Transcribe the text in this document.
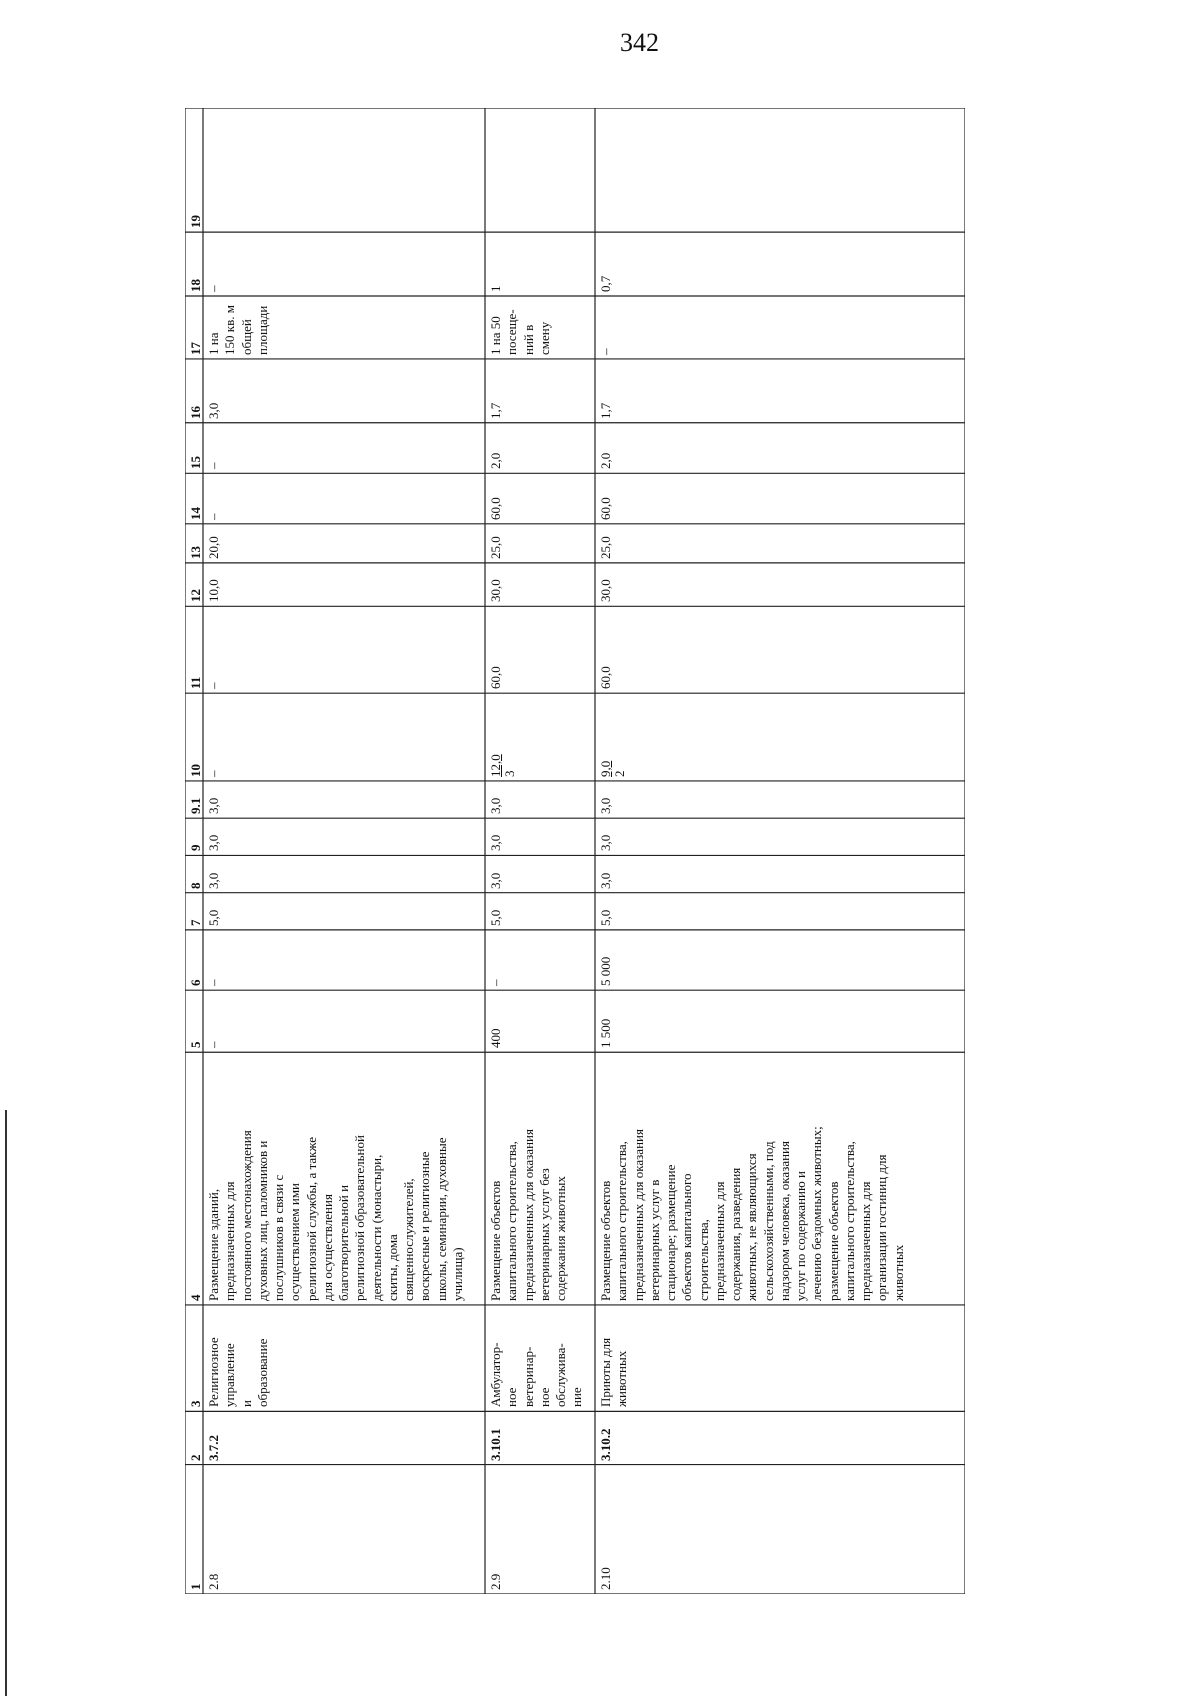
342
1
2
3
4
5
6
7
8
9
9.1
10
11
12
13
14
15
16
17
18
19
2.8
3.7.2
Религиозное управление и образование
Размещение зданий, предназначенных для постоянного местонахождения духовных лиц, паломников и послушников в связи с осуществлением ими религиозной службы, а также для осуществления благотворительной и религиозной образовательной деятельности (монастыри, скиты, дома священнослужителей, воскресные и религиозные школы, семинарии, духовные училища)
–
–
5,0
3,0
3,0
3,0
–
–
10,0
20,0
–
–
3,0
1 на 150 кв. м общей площади
–
2.9
3.10.1
Амбулатор- ное ветеринар- ное обслужива- ние
Размещение объектов капитального строительства, предназначенных для оказания ветеринарных услуг без содержания животных
400
–
5,0
3,0
3,0
3,0
12,0
3
60,0
30,0
25,0
60,0
2,0
1,7
1 на 50 посеще- ний в смену
1
2.10
3.10.2
Приюты для животных
Размещение объектов капитального строительства, предназначенных для оказания ветеринарных услуг в стационаре; размещение объектов капитального строительства, предназначенных для содержания, разведения животных, не являющихся сельскохозяйственными, под надзором человека, оказания услуг по содержанию и лечению бездомных животных; размещение объектов капитального строительства, предназначенных для организации гостиниц для животных
1 500
5 000
5,0
3,0
3,0
3,0
9,0
2
60,0
30,0
25,0
60,0
2,0
1,7
–
0,7
